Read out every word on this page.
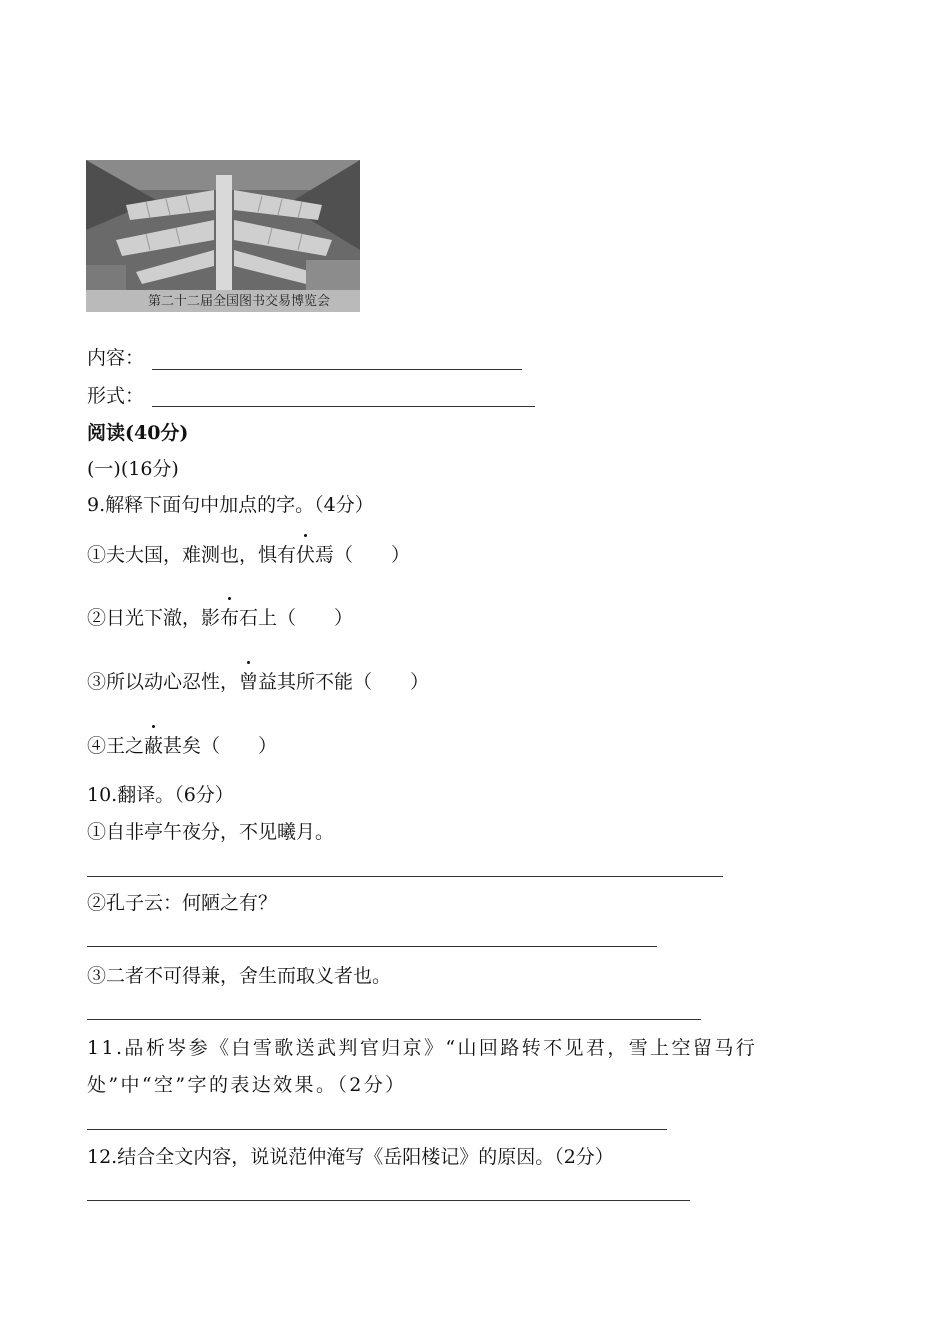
第二十二届全国图书交易博览会
内容：
形式：
阅读(40分)
(一)(16分)
9.解释下面句中加点的字。（4分）
①夫大国，难测也，惧有伏焉（　　）
②日光下澈，影布石上（　　）
③所以动心忍性，曾益其所不能（　　）
④王之蔽甚矣（　　）
10.翻译。（6分）
①自非亭午夜分，不见曦月。
②孔子云：何陋之有？
③二者不可得兼，舍生而取义者也。
11.品析岑参《白雪歌送武判官归京》“山回路转不见君，雪上空留马行处”中“空”字的表达效果。（2分）
12.结合全文内容，说说范仲淹写《岳阳楼记》的原因。（2分）
